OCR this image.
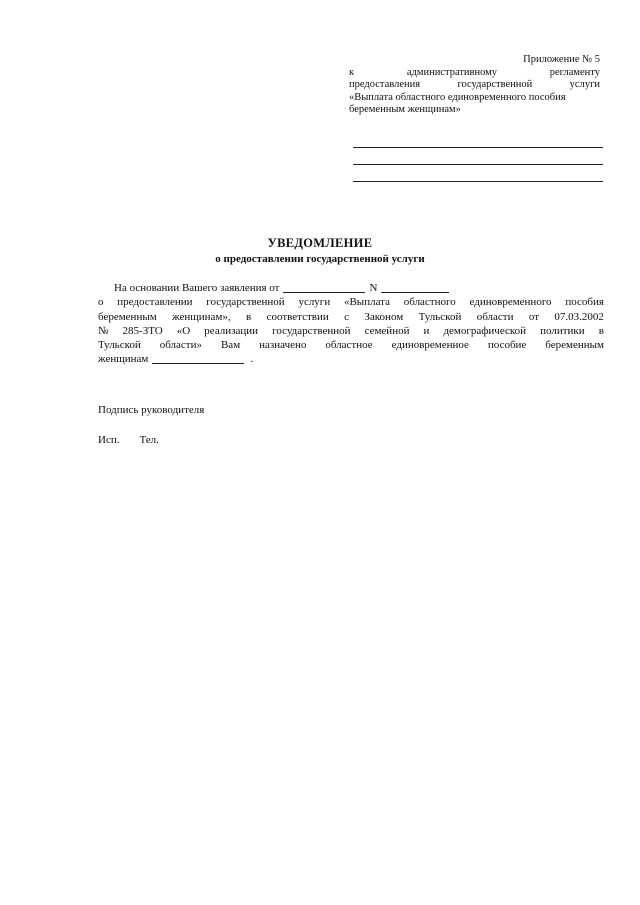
Приложение № 5
к	административному	регламенту
предоставления	государственной	услуги
«Выплата областного единовременного пособия
беременным женщинам»
УВЕДОМЛЕНИЕ
о предоставлении государственной услуги
На основании Вашего заявления от	N
о предоставлении государственной услуги «Выплата областного единовременного пособия
беременным женщинам», в соответствии с Законом Тульской области от 07.03.2002
№ 285-ЗТО «О реализации государственной семейной и демографической политики в
Тульской области» Вам назначено областное единовременное пособие беременным
женщинам	.
Подпись руководителя
Исп. Тел.
